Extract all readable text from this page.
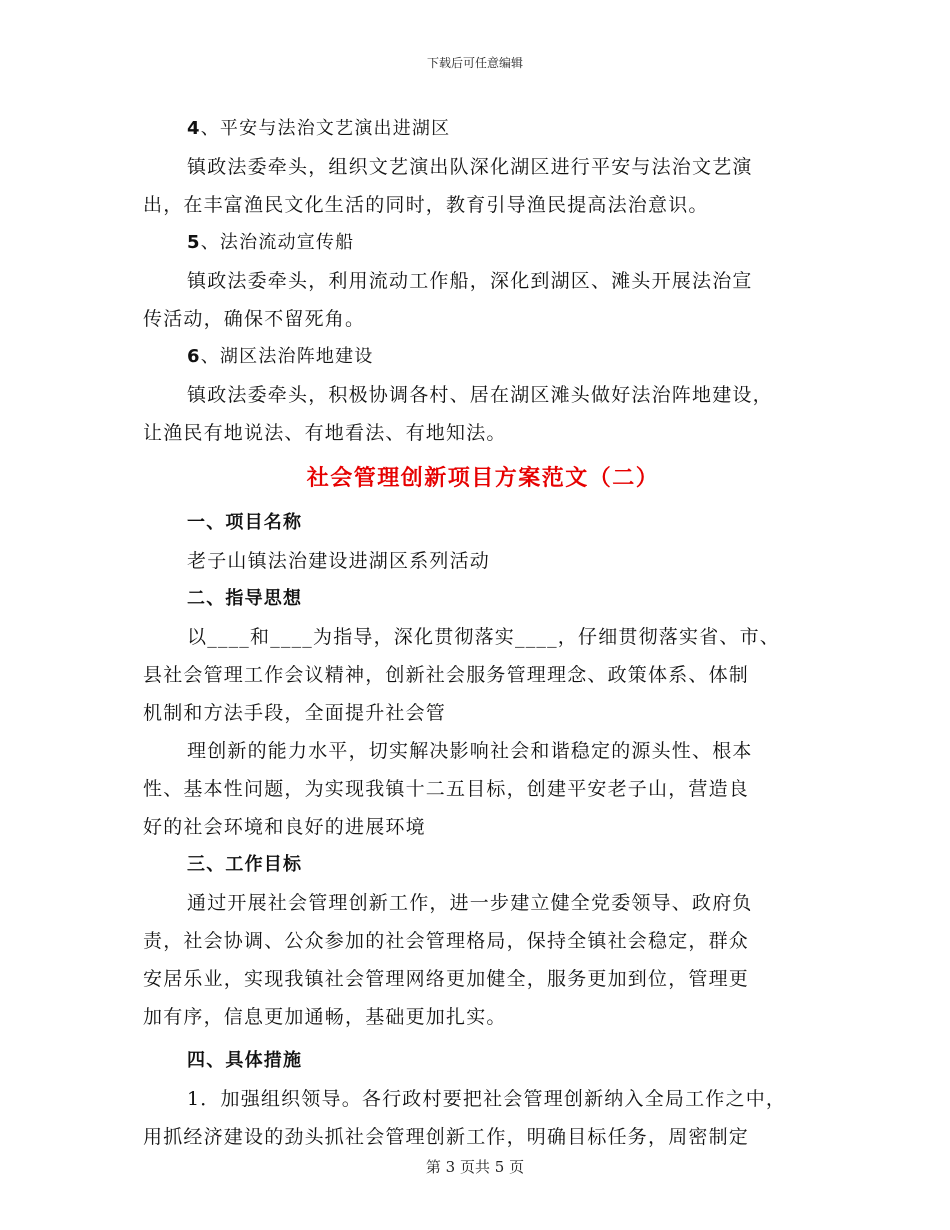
下载后可任意编辑
4、平安与法治文艺演出进湖区
镇政法委牵头，组织文艺演出队深化湖区进行平安与法治文艺演
出，在丰富渔民文化生活的同时，教育引导渔民提高法治意识。
5、法治流动宣传船
镇政法委牵头，利用流动工作船，深化到湖区、滩头开展法治宣
传活动，确保不留死角。
6、湖区法治阵地建设
镇政法委牵头，积极协调各村、居在湖区滩头做好法治阵地建设，
让渔民有地说法、有地看法、有地知法。
社会管理创新项目方案范文（二）
一、项目名称
老子山镇法治建设进湖区系列活动
二、指导思想
以____和____为指导，深化贯彻落实____，仔细贯彻落实省、市、
县社会管理工作会议精神，创新社会服务管理理念、政策体系、体制
机制和方法手段，全面提升社会管
理创新的能力水平，切实解决影响社会和谐稳定的源头性、根本
性、基本性问题，为实现我镇十二五目标，创建平安老子山，营造良
好的社会环境和良好的进展环境
三、工作目标
通过开展社会管理创新工作，进一步建立健全党委领导、政府负
责，社会协调、公众参加的社会管理格局，保持全镇社会稳定，群众
安居乐业，实现我镇社会管理网络更加健全，服务更加到位，管理更
加有序，信息更加通畅，基础更加扎实。
四、具体措施
1．加强组织领导。各行政村要把社会管理创新纳入全局工作之中，
用抓经济建设的劲头抓社会管理创新工作，明确目标任务，周密制定
第 3 页共 5 页
